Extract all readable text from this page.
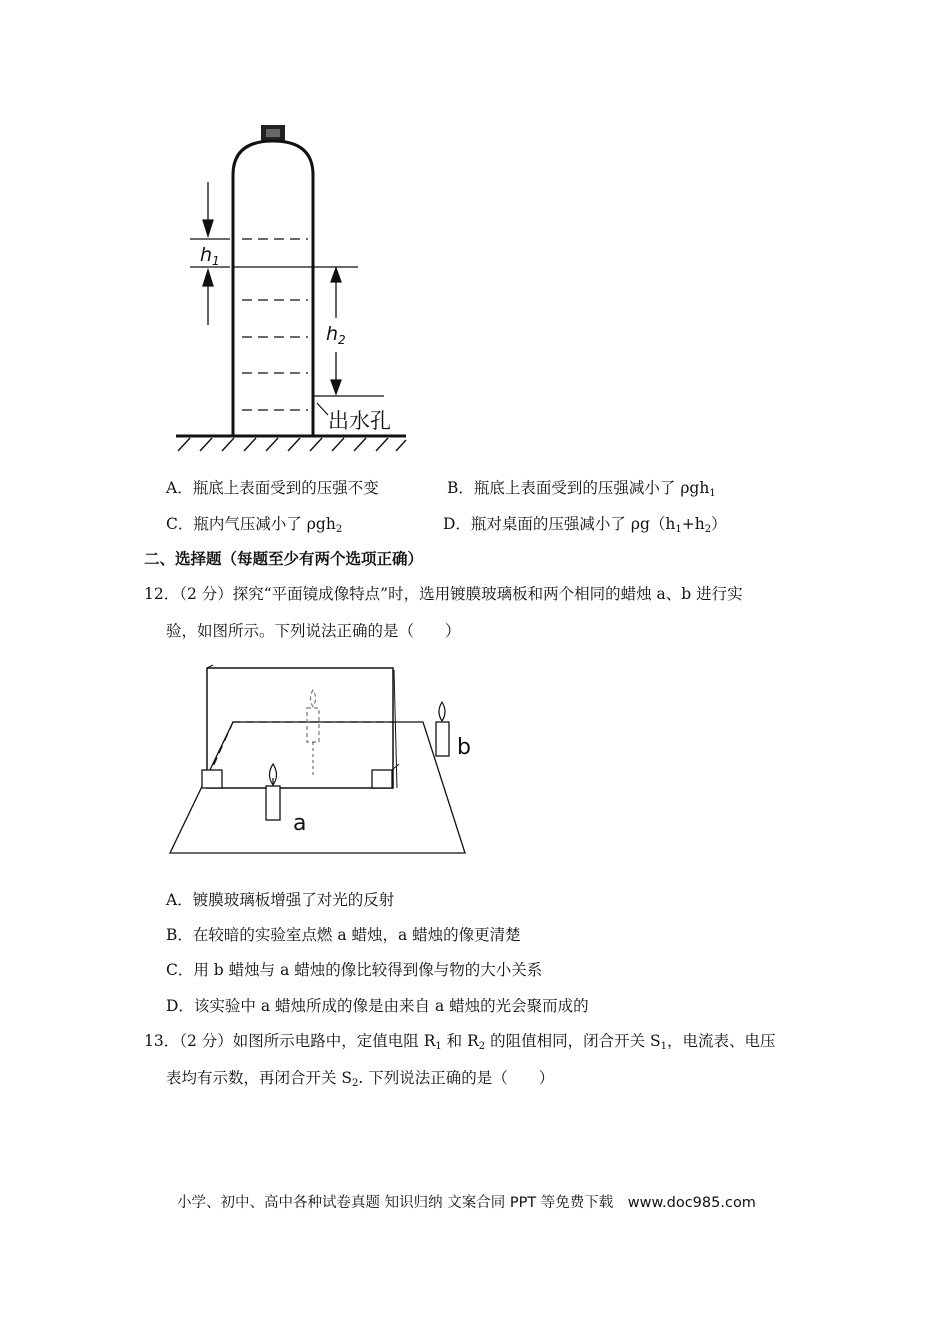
$h_1$
$h_2$
出水孔
A．瓶底上表面受到的压强不变	B．瓶底上表面受到的压强减小了 ρgh$_1$
C．瓶内气压减小了 ρgh$_2$	D．瓶对桌面的压强减小了 $\rho g(h_1+h_2)$
二、选择题（每题至少有两个选项正确）
12．（2 分）探究“平面镜成像特点”时，选用镀膜玻璃板和两个相同的蜡烛 a、b 进行实
验，如图所示。下列说法正确的是（　　）
a
b
A．镀膜玻璃板增强了对光的反射
B．在较暗的实验室点燃 a 蜡烛，a 蜡烛的像更清楚
C．用 b 蜡烛与 a 蜡烛的像比较得到像与物的大小关系
D．该实验中 a 蜡烛所成的像是由来自 a 蜡烛的光会聚而成的
13．（2 分）如图所示电路中，定值电阻 $R_1$ 和 $R_2$ 的阻值相同，闭合开关 $S_1$，电流表、电压
表均有示数，再闭合开关 $S_2$. 下列说法正确的是（　　）
小学、初中、高中各种试卷真题 知识归纳 文案合同 PPT 等免费下载　www.doc985.com
